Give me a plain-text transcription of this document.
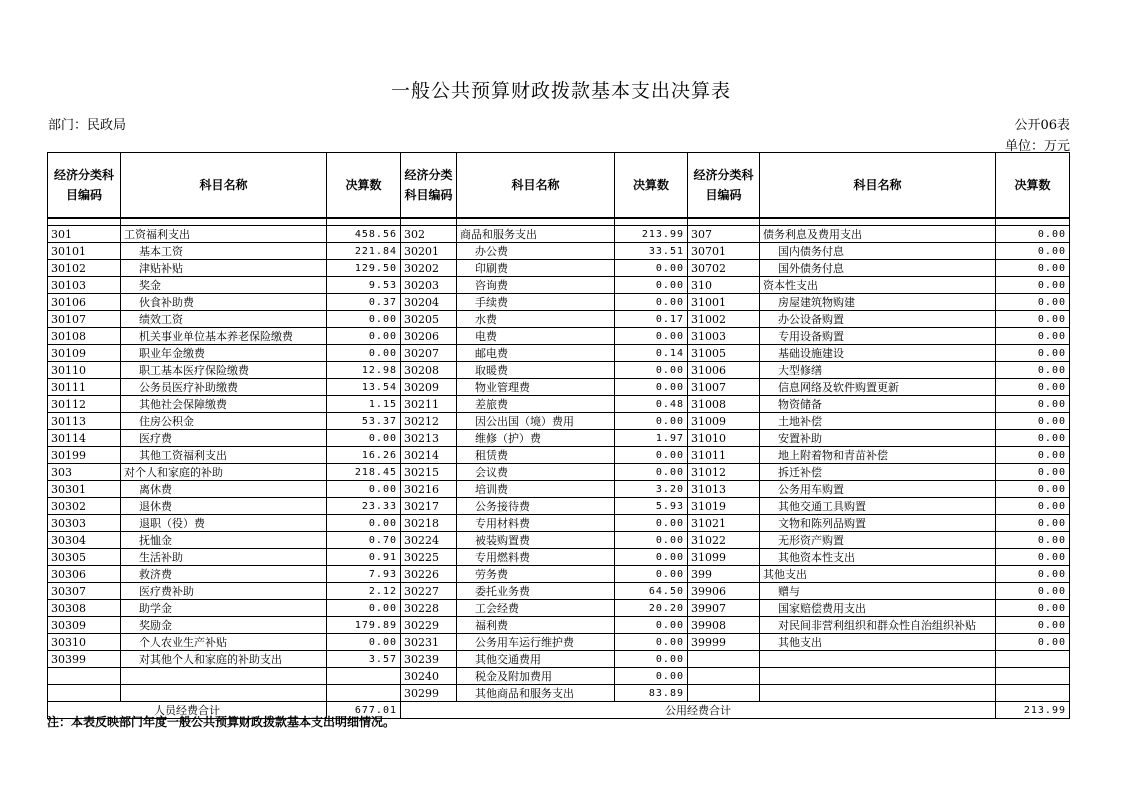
一般公共预算财政拨款基本支出决算表
部门：民政局	公开06表
单位：万元
经济分类科目编码	科目名称	决算数	经济分类科目编码	科目名称	决算数	经济分类科目编码	科目名称	决算数

301	工资福利支出	458.56	302	商品和服务支出	213.99	307	债务利息及费用支出	0.00
30101	基本工资	221.84	30201	办公费	33.51	30701	国内债务付息	0.00
30102	津贴补贴	129.50	30202	印刷费	0.00	30702	国外债务付息	0.00
30103	奖金	9.53	30203	咨询费	0.00	310	资本性支出	0.00
30106	伙食补助费	0.37	30204	手续费	0.00	31001	房屋建筑物购建	0.00
30107	绩效工资	0.00	30205	水费	0.17	31002	办公设备购置	0.00
30108	机关事业单位基本养老保险缴费	0.00	30206	电费	0.00	31003	专用设备购置	0.00
30109	职业年金缴费	0.00	30207	邮电费	0.14	31005	基础设施建设	0.00
30110	职工基本医疗保险缴费	12.98	30208	取暖费	0.00	31006	大型修缮	0.00
30111	公务员医疗补助缴费	13.54	30209	物业管理费	0.00	31007	信息网络及软件购置更新	0.00
30112	其他社会保障缴费	1.15	30211	差旅费	0.48	31008	物资储备	0.00
30113	住房公积金	53.37	30212	因公出国（境）费用	0.00	31009	土地补偿	0.00
30114	医疗费	0.00	30213	维修（护）费	1.97	31010	安置补助	0.00
30199	其他工资福利支出	16.26	30214	租赁费	0.00	31011	地上附着物和青苗补偿	0.00
303	对个人和家庭的补助	218.45	30215	会议费	0.00	31012	拆迁补偿	0.00
30301	离休费	0.00	30216	培训费	3.20	31013	公务用车购置	0.00
30302	退休费	23.33	30217	公务接待费	5.93	31019	其他交通工具购置	0.00
30303	退职（役）费	0.00	30218	专用材料费	0.00	31021	文物和陈列品购置	0.00
30304	抚恤金	0.70	30224	被装购置费	0.00	31022	无形资产购置	0.00
30305	生活补助	0.91	30225	专用燃料费	0.00	31099	其他资本性支出	0.00
30306	救济费	7.93	30226	劳务费	0.00	399	其他支出	0.00
30307	医疗费补助	2.12	30227	委托业务费	64.50	39906	赠与	0.00
30308	助学金	0.00	30228	工会经费	20.20	39907	国家赔偿费用支出	0.00
30309	奖励金	179.89	30229	福利费	0.00	39908	对民间非营利组织和群众性自治组织补贴	0.00
30310	个人农业生产补贴	0.00	30231	公务用车运行维护费	0.00	39999	其他支出	0.00
30399	对其他个人和家庭的补助支出	3.57	30239	其他交通费用	0.00			
			30240	税金及附加费用	0.00			
			30299	其他商品和服务支出	83.89			
人员经费合计		677.01	公用经费合计					213.99
注：本表反映部门年度一般公共预算财政拨款基本支出明细情况。
